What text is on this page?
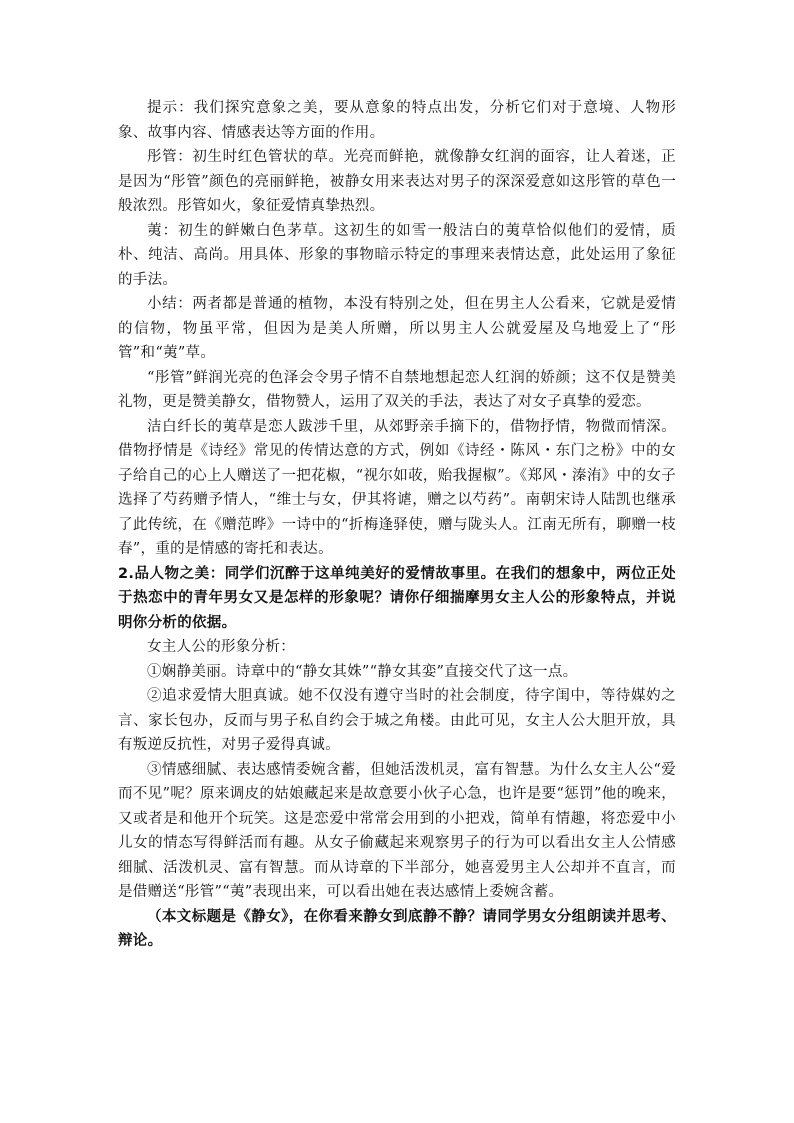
提示：我们探究意象之美，要从意象的特点出发，分析它们对于意境、人物形象、故事内容、情感表达等方面的作用。

彤管：初生时红色管状的草。光亮而鲜艳，就像静女红润的面容，让人着迷，正是因为“彤管”颜色的亮丽鲜艳，被静女用来表达对男子的深深爱意如这彤管的草色一般浓烈。彤管如火，象征爱情真挚热烈。

荑：初生的鲜嫩白色茅草。这初生的如雪一般洁白的荑草恰似他们的爱情，质朴、纯洁、高尚。用具体、形象的事物暗示特定的事理来表情达意，此处运用了象征的手法。

小结：两者都是普通的植物，本没有特别之处，但在男主人公看来，它就是爱情的信物，物虽平常，但因为是美人所赠，所以男主人公就爱屋及乌地爱上了“彤管”和“荑”草。

“彤管”鲜润光亮的色泽会令男子情不自禁地想起恋人红润的娇颜；这不仅是赞美礼物，更是赞美静女，借物赞人，运用了双关的手法，表达了对女子真挚的爱恋。

洁白纤长的荑草是恋人跋涉千里，从郊野亲手摘下的，借物抒情，物微而情深。借物抒情是《诗经》常见的传情达意的方式，例如《诗经・陈风・东门之枌》中的女子给自己的心上人赠送了一把花椒，“视尔如荍，贻我握椒”。《郑风・溱洧》中的女子选择了芍药赠予情人，“维士与女，伊其将谑，赠之以芍药”。南朝宋诗人陆凯也继承了此传统，在《赠范晔》一诗中的“折梅逢驿使，赠与陇头人。江南无所有，聊赠一枝春”，重的是情感的寄托和表达。

2.品人物之美：同学们沉醉于这单纯美好的爱情故事里。在我们的想象中，两位正处于热恋中的青年男女又是怎样的形象呢？请你仔细揣摩男女主人公的形象特点，并说明你分析的依据。

女主人公的形象分析：

①娴静美丽。诗章中的“静女其姝”“静女其娈”直接交代了这一点。

②追求爱情大胆真诚。她不仅没有遵守当时的社会制度，待字闺中，等待媒妁之言、家长包办，反而与男子私自约会于城之角楼。由此可见，女主人公大胆开放，具有叛逆反抗性，对男子爱得真诚。

③情感细腻、表达感情委婉含蓄，但她活泼机灵，富有智慧。为什么女主人公“爱而不见”呢？原来调皮的姑娘藏起来是故意要小伙子心急，也许是要“惩罚”他的晚来，又或者是和他开个玩笑。这是恋爱中常常会用到的小把戏，简单有情趣，将恋爱中小儿女的情态写得鲜活而有趣。从女子偷藏起来观察男子的行为可以看出女主人公情感细腻、活泼机灵、富有智慧。而从诗章的下半部分，她喜爱男主人公却并不直言，而是借赠送“彤管”“荑”表现出来，可以看出她在表达感情上委婉含蓄。

（本文标题是《静女》，在你看来静女到底静不静？请同学男女分组朗读并思考、辩论。
